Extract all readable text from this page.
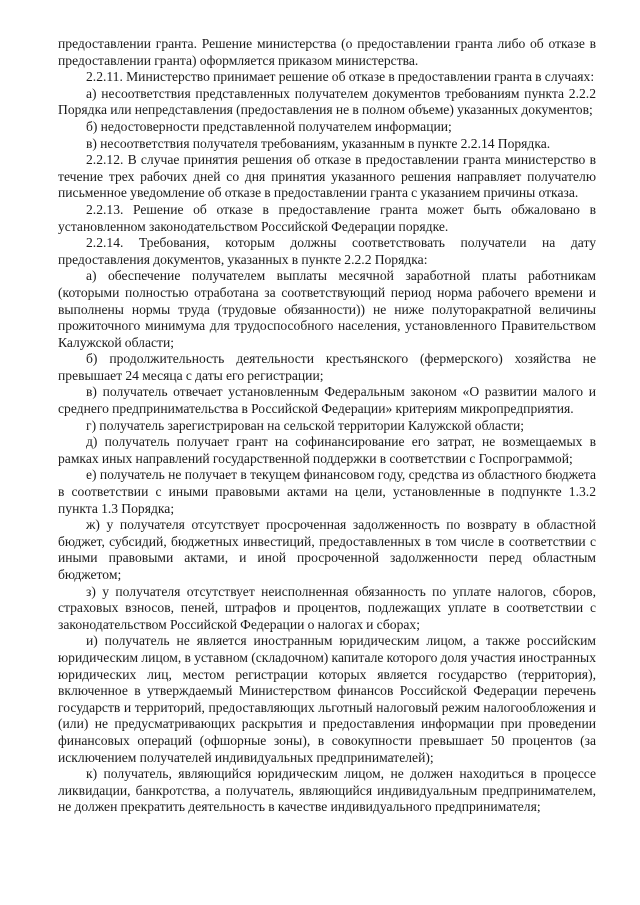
предоставлении гранта. Решение министерства (о предоставлении гранта либо об отказе в предоставлении гранта) оформляется приказом министерства.

2.2.11. Министерство принимает решение об отказе в предоставлении гранта в случаях:

а) несоответствия представленных получателем документов требованиям пункта 2.2.2 Порядка или непредставления (предоставления не в полном объеме) указанных документов;

б) недостоверности представленной получателем информации;

в) несоответствия получателя требованиям, указанным в пункте 2.2.14 Порядка.

2.2.12. В случае принятия решения об отказе в предоставлении гранта министерство в течение трех рабочих дней со дня принятия указанного решения направляет получателю письменное уведомление об отказе в предоставлении гранта с указанием причины отказа.

2.2.13. Решение об отказе в предоставление гранта может быть обжаловано в установленном законодательством Российской Федерации порядке.

2.2.14. Требования, которым должны соответствовать получатели на дату предоставления документов, указанных в пункте 2.2.2 Порядка:

а) обеспечение получателем выплаты месячной заработной платы работникам (которыми полностью отработана за соответствующий период норма рабочего времени и выполнены нормы труда (трудовые обязанности)) не ниже полуторакратной величины прожиточного минимума для трудоспособного населения, установленного Правительством Калужской области;

б) продолжительность деятельности крестьянского (фермерского) хозяйства не превышает 24 месяца с даты его регистрации;

в) получатель отвечает установленным Федеральным законом «О развитии малого и среднего предпринимательства в Российской Федерации» критериям микропредприятия.

г) получатель зарегистрирован на сельской территории Калужской области;

д) получатель получает грант на софинансирование его затрат, не возмещаемых в рамках иных направлений государственной поддержки в соответствии с Госпрограммой;

е) получатель не получает в текущем финансовом году, средства из областного бюджета в соответствии с иными правовыми актами на цели, установленные в подпункте 1.3.2 пункта 1.3 Порядка;

ж) у получателя отсутствует просроченная задолженность по возврату в областной бюджет, субсидий, бюджетных инвестиций, предоставленных в том числе в соответствии с иными правовыми актами, и иной просроченной задолженности перед областным бюджетом;

з) у получателя отсутствует неисполненная обязанность по уплате налогов, сборов, страховых взносов, пеней, штрафов и процентов, подлежащих уплате в соответствии с законодательством Российской Федерации о налогах и сборах;

и) получатель не является иностранным юридическим лицом, а также российским юридическим лицом, в уставном (складочном) капитале которого доля участия иностранных юридических лиц, местом регистрации которых является государство (территория), включенное в утверждаемый Министерством финансов Российской Федерации перечень государств и территорий, предоставляющих льготный налоговый режим налогообложения и (или) не предусматривающих раскрытия и предоставления информации при проведении финансовых операций (офшорные зоны), в совокупности превышает 50 процентов (за исключением получателей индивидуальных предпринимателей);

к) получатель, являющийся юридическим лицом, не должен находиться в процессе ликвидации, банкротства, а получатель, являющийся индивидуальным предпринимателем, не должен прекратить деятельность в качестве индивидуального предпринимателя;
